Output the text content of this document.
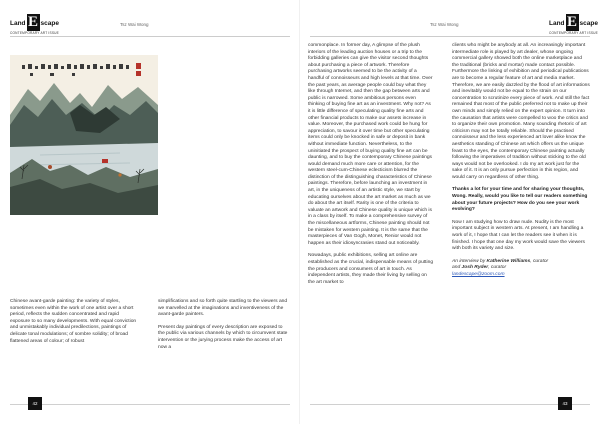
Land E scape
CONTEMPORARY ART ISSUE
Tsz Wai Wong

Chinese avant-garde painting: the variety of styles, sometimes even within the work of one artist over a short period, reflects the sudden concentrated and rapid exposure to so many developments. With equal conviction and unmistakably individual predilections, paintings of delicate tonal modulations; of sombre solidity; of broad flattened areas of colour; of robust

simplifications and so forth quite startling to the viewers and we marvelled at the imaginations and inventiveness of the avant-garde painters.

Present day paintings of every description are exposed to the public via various channels by which to circumvent state intervention or the jurying process make the access of art now a

42
Tsz Wai Wong	Land E scape
CONTEMPORARY ART ISSUE

commonplace. In former day, A glimpse of the plush interiors of the leading auction houses or a trip to the forbidding galleries can give the visitor second thoughts about purchasing a piece of artwork. Therefore purchasing artworks seemed to be the activity of a handful of connoisseurs and high levels at that time. Over the past years, as average people could buy what they like through Internet, and then the gap between arts and public is narrowed. Some ambitious persons even thinking of buying fine art as an investment. Why not? As it is little difference of speculating quality fine arts and other financial products to make our assets increase in value. Moreover, the purchased work could be hung for appreciation, to savour it over time but other speculating items could only be knocked in safe or deposit in bank without immediate function. Nevertheless, to the uninitiated the prospect of buying quality fine art can be daunting, and to buy the contemporary Chinese paintings would demand much more care or attention, for the western steel-cum-Chinese eclecticism blurred the distinction of the distinguishing characteristics of Chinese paintings. Therefore, before launching an investment in art, in the uniqueness of an artistic style, we start by educating ourselves about the art market as much as we do about the art itself. Rarity is one of the criteria to valuate an artwork and Chinese quality is unique which is in a class by itself. To make a comprehensive survey of the miscellaneous artforms, Chinese painting should not be mistaken for western painting. It is the same that the masterpieces of Van Gogh, Monet, Renior would not happen as their idiosyncrasies stand out noticeably.

Nowadays, public exhibitions, selling art online are established as the crucial, indispensable means of putting the producers and consumers of art in touch. As independent artists, they made their living by selling on the art market to

clients who might be anybody at all. An increasingly important intermediate role is played by art dealer, whose ongoing commercial gallery showed both the online marketplace and the traditional (bricks and mortar) made contact possible. Furthermore the linking of exhibition and periodical publications are to become a regular feature of art and media market. Therefore, we are easily dazzled by the flood of art informations and inevitably would not be equal to the strain on our concentration to scrutinize every piece of work. And still the fact remained that most of the public preferred not to make up their own minds and simply relied on the expert opinion. It turn into the causation that artists were compelled to woo the critics and to organize their own promotion. Many sounding rhetoric of art criticism may not be totally reliable. Should the practised connoisseur and the less experienced art lover alike know the aesthetics standing of Chinese art which offers us the unique feast to the eyes, the contemporary Chinese painting actually following the imperatives of tradition without sticking to the old ways would not be overlooked. I do my art work just for the sake of it. It is an only pursue perfection in this region, and would carry on regardless of other thing.

Thanks a lot for your time and for sharing your thoughts, Wong. Really, would you like to tell our readers something about your future projects? How do you see your work evolving?

Now I am studying how to draw nude. Nudity is the most important subject in western arts. At present, I am handling a work of it, I hope that I can let the readers see it when it is finished. I hope that one day my work would save the viewers with both its variety and size.

An interview by Katherine Williams, curator
and Josh Ryder, curator
landescape@zoom.com

43
